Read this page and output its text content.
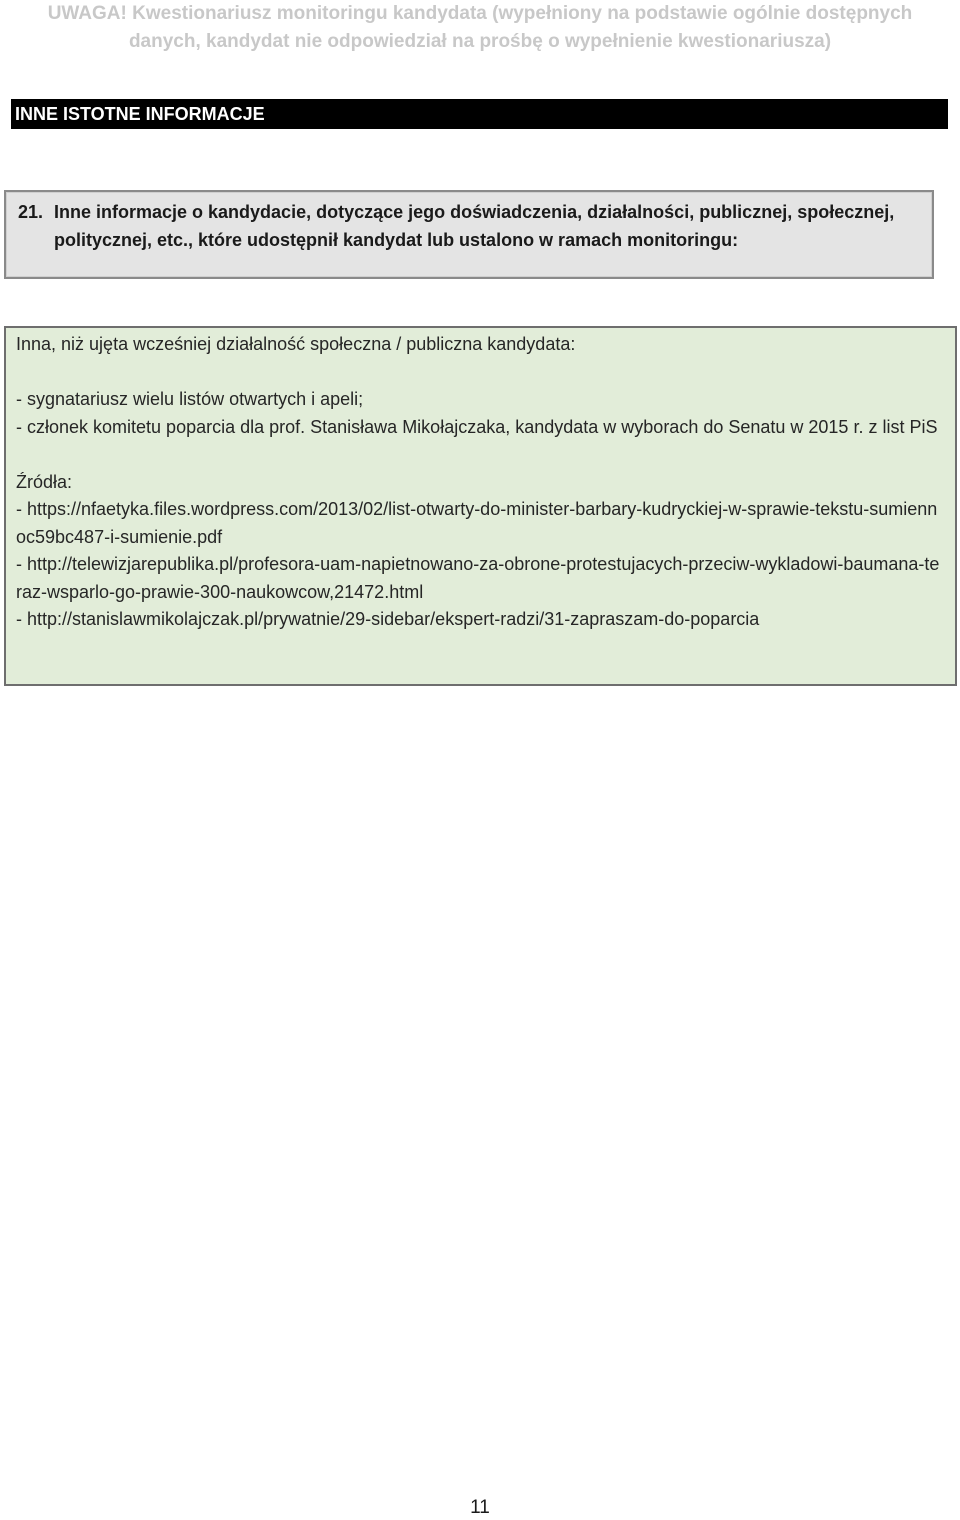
UWAGA! Kwestionariusz monitoringu kandydata (wypełniony na podstawie ogólnie dostępnych
danych, kandydat nie odpowiedział na prośbę o wypełnienie kwestionariusza)
INNE ISTOTNE INFORMACJE
21. Inne informacje o kandydacie, dotyczące jego doświadczenia, działalności, publicznej, społecznej, politycznej, etc., które udostępnił kandydat lub ustalono w ramach monitoringu:

Inna, niż ujęta wcześniej działalność społeczna / publiczna kandydata:

- sygnatariusz wielu listów otwartych i apeli;

- członek komitetu poparcia dla prof. Stanisława Mikołajczaka, kandydata w wyborach do Senatu w 2015 r. z list PiS

Źródła:

- https://nfaetyka.files.wordpress.com/2013/02/list-otwarty-do-minister-barbary-kudryckiej-w-sprawie-tekstu-sumiennoc59bc487-i-sumienie.pdf

- http://telewizjarepublika.pl/profesora-uam-napietnowano-za-obrone-protestujacych-przeciw-wykladowi-baumana-teraz-wsparlo-go-prawie-300-naukowcow,21472.html

- http://stanislawmikolajczak.pl/prywatnie/29-sidebar/ekspert-radzi/31-zapraszam-do-poparcia

11
